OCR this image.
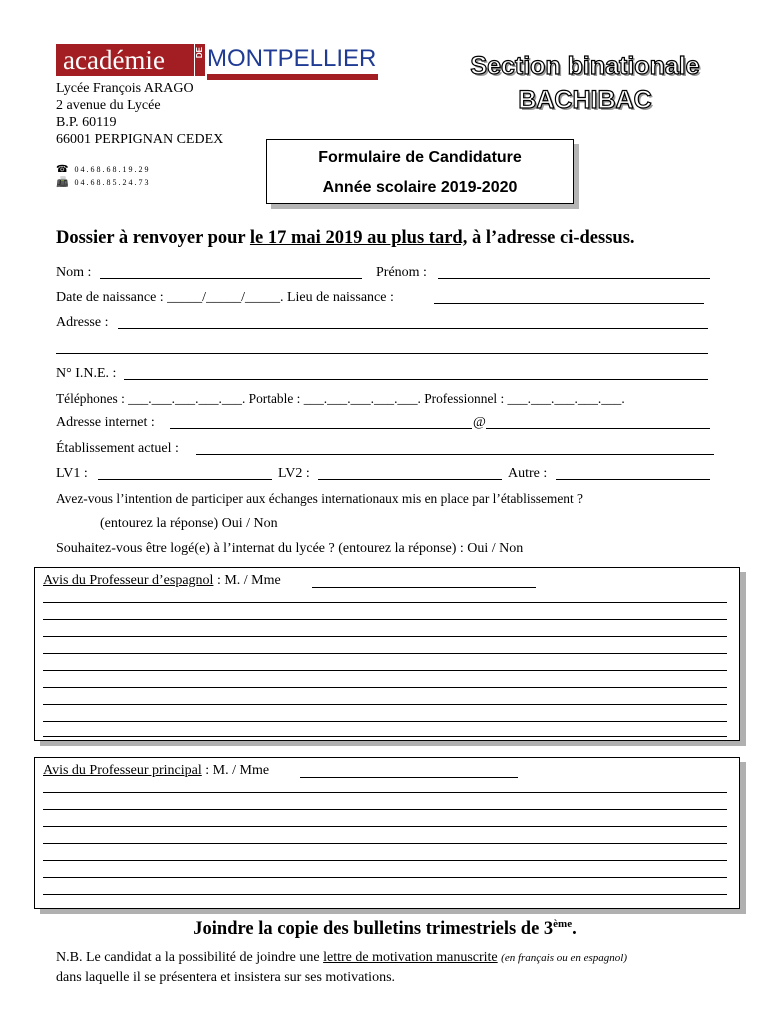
académie	DE MONTPELLIER
Lycée François ARAGO
2 avenue du Lycée
B.P. 60119
66001 PERPIGNAN CEDEX
☎ 04.68.68.19.29
📠 04.68.85.24.73
Section binationale
BACHIBAC
Formulaire de Candidature
Année scolaire 2019-2020
Dossier à renvoyer pour le 17 mai 2019 au plus tard, à l’adresse ci-dessus.
Nom :	Prénom :
Date de naissance : _____/_____/_____. Lieu de naissance :
Adresse :
N° I.N.E. :
Téléphones : ___.___.___.___.___. Portable : ___.___.___.___.___. Professionnel : ___.___.___.___.___.
Adresse internet :	@
Établissement actuel :
LV1 :	LV2 :	Autre :
Avez-vous l’intention de participer aux échanges internationaux mis en place par l’établissement ?
(entourez la réponse) Oui / Non
Souhaitez-vous être logé(e) à l’internat du lycée ? (entourez la réponse) : Oui / Non
Avis du Professeur d’espagnol : M. / Mme
Avis du Professeur principal : M. / Mme
Joindre la copie des bulletins trimestriels de 3ème.
N.B. Le candidat a la possibilité de joindre une lettre de motivation manuscrite (en français ou en espagnol)
dans laquelle il se présentera et insistera sur ses motivations.
